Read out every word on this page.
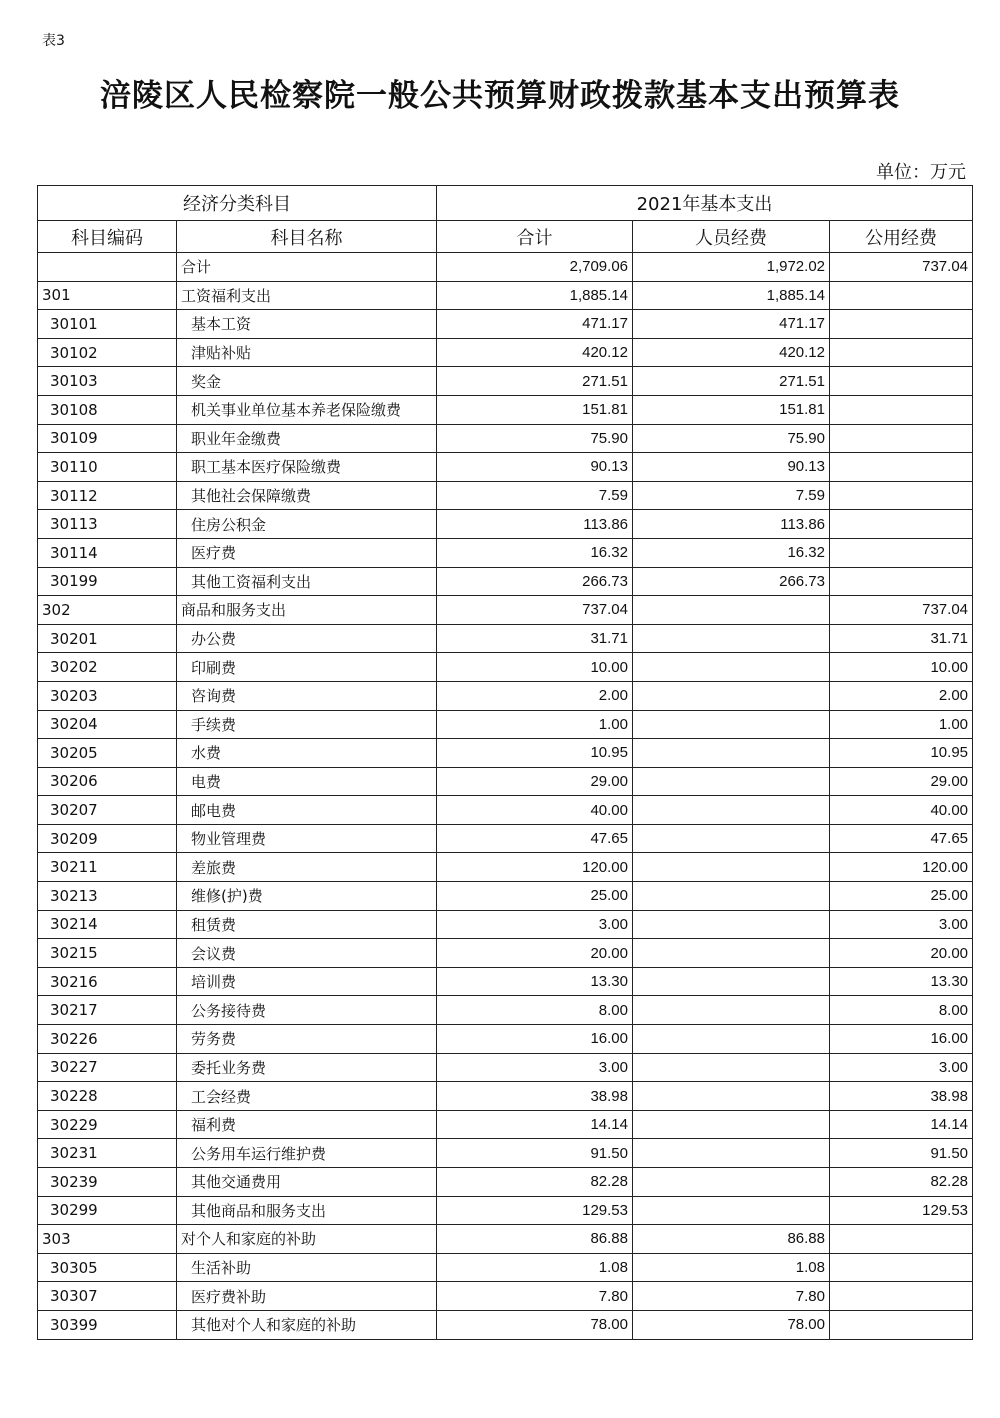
表3
涪陵区人民检察院一般公共预算财政拨款基本支出预算表
单位：万元
经济分类科目		2021年基本支出		
科目编码	科目名称	合计	人员经费	公用经费
	合计	2,709.06	1,972.02	737.04
301	工资福利支出	1,885.14	1,885.14	
30101	基本工资	471.17	471.17	
30102	津贴补贴	420.12	420.12	
30103	奖金	271.51	271.51	
30108	机关事业单位基本养老保险缴费	151.81	151.81	
30109	职业年金缴费	75.90	75.90	
30110	职工基本医疗保险缴费	90.13	90.13	
30112	其他社会保障缴费	7.59	7.59	
30113	住房公积金	113.86	113.86	
30114	医疗费	16.32	16.32	
30199	其他工资福利支出	266.73	266.73	
302	商品和服务支出	737.04		737.04
30201	办公费	31.71		31.71
30202	印刷费	10.00		10.00
30203	咨询费	2.00		2.00
30204	手续费	1.00		1.00
30205	水费	10.95		10.95
30206	电费	29.00		29.00
30207	邮电费	40.00		40.00
30209	物业管理费	47.65		47.65
30211	差旅费	120.00		120.00
30213	维修(护)费	25.00		25.00
30214	租赁费	3.00		3.00
30215	会议费	20.00		20.00
30216	培训费	13.30		13.30
30217	公务接待费	8.00		8.00
30226	劳务费	16.00		16.00
30227	委托业务费	3.00		3.00
30228	工会经费	38.98		38.98
30229	福利费	14.14		14.14
30231	公务用车运行维护费	91.50		91.50
30239	其他交通费用	82.28		82.28
30299	其他商品和服务支出	129.53		129.53
303	对个人和家庭的补助	86.88	86.88	
30305	生活补助	1.08	1.08	
30307	医疗费补助	7.80	7.80	
30399	其他对个人和家庭的补助	78.00	78.00	
